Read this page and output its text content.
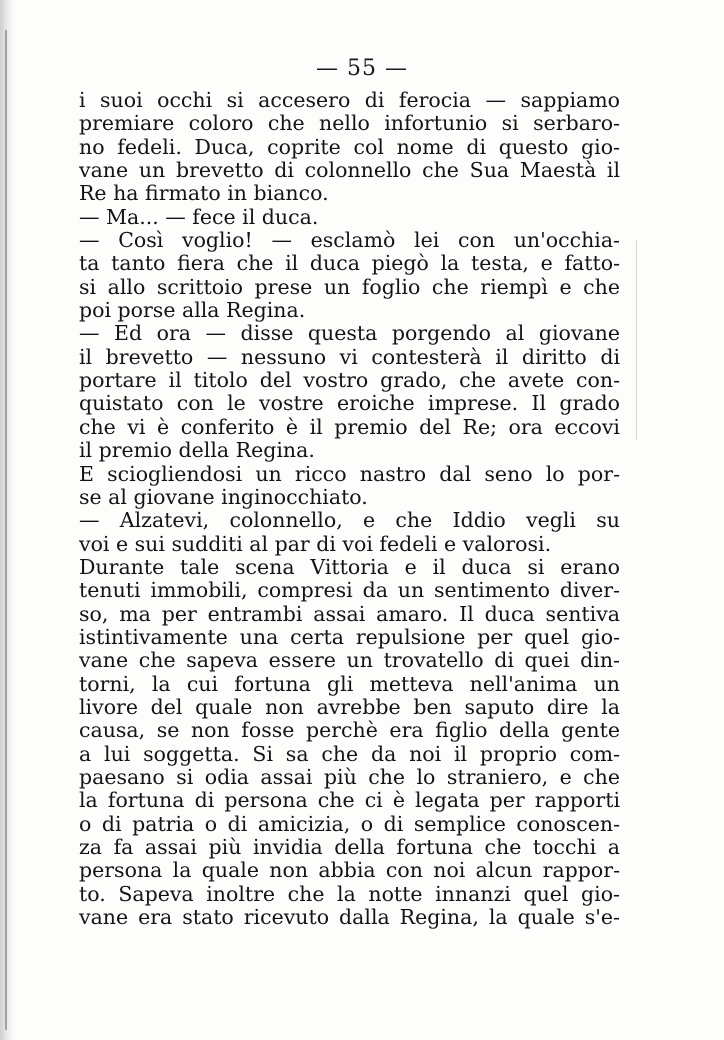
— 55 —
i suoi occhi si accesero di ferocia — sappiamo
premiare coloro che nello infortunio si serbaro-
no fedeli. Duca, coprite col nome di questo gio-
vane un brevetto di colonnello che Sua Maestà il
Re ha firmato in bianco.
— Ma... — fece il duca.
— Così voglio! — esclamò lei con un'occhia-
ta tanto fiera che il duca piegò la testa, e fatto-
si allo scrittoio prese un foglio che riempì e che
poi porse alla Regina.
— Ed ora — disse questa porgendo al giovane
il brevetto — nessuno vi contesterà il diritto di
portare il titolo del vostro grado, che avete con-
quistato con le vostre eroiche imprese. Il grado
che vi è conferito è il premio del Re; ora eccovi
il premio della Regina.
E sciogliendosi un ricco nastro dal seno lo por-
se al giovane inginocchiato.
— Alzatevi, colonnello, e che Iddio vegli su
voi e sui sudditi al par di voi fedeli e valorosi.
Durante tale scena Vittoria e il duca si erano
tenuti immobili, compresi da un sentimento diver-
so, ma per entrambi assai amaro. Il duca sentiva
istintivamente una certa repulsione per quel gio-
vane che sapeva essere un trovatello di quei din-
torni, la cui fortuna gli metteva nell'anima un
livore del quale non avrebbe ben saputo dire la
causa, se non fosse perchè era figlio della gente
a lui soggetta. Si sa che da noi il proprio com-
paesano si odia assai più che lo straniero, e che
la fortuna di persona che ci è legata per rapporti
o di patria o di amicizia, o di semplice conoscen-
za fa assai più invidia della fortuna che tocchi a
persona la quale non abbia con noi alcun rappor-
to. Sapeva inoltre che la notte innanzi quel gio-
vane era stato ricevuto dalla Regina, la quale s'e-
